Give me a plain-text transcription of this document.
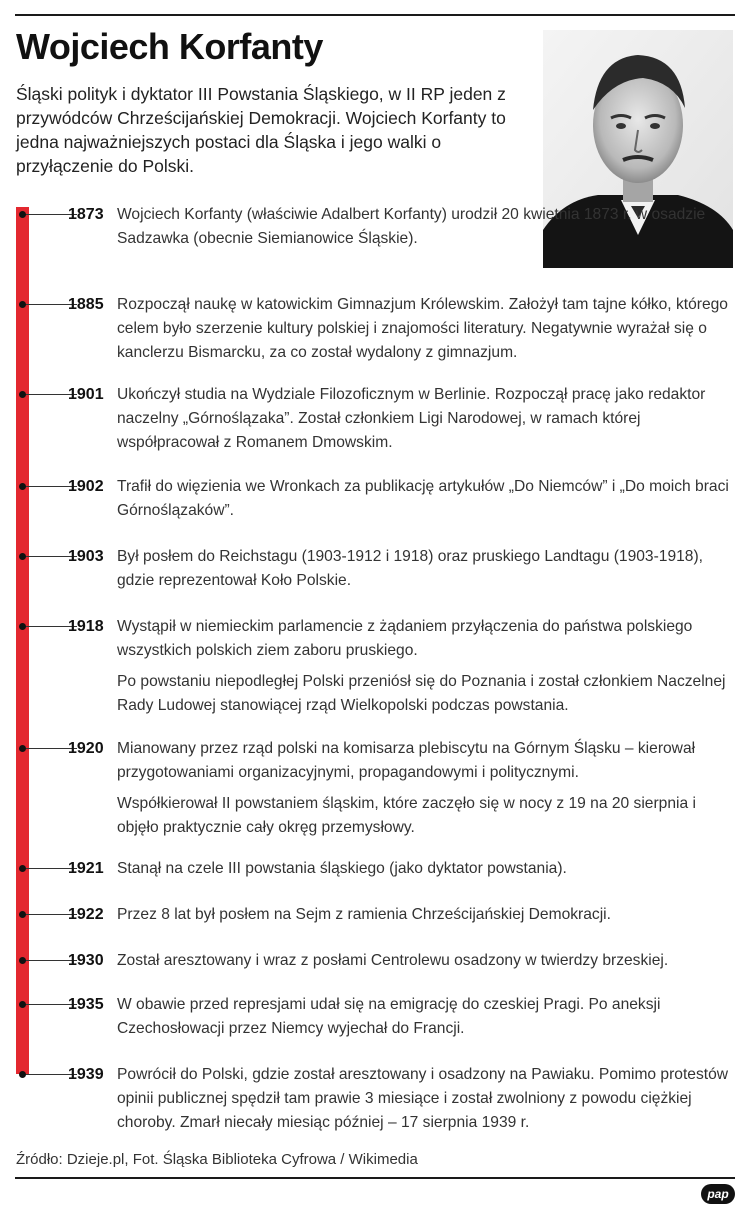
Wojciech Korfanty

Śląski polityk i dyktator III Powstania Śląskiego, w II RP jeden z przywódców Chrześcijańskiej Demokracji. Wojciech Korfanty to jedna najważniejszych postaci dla Śląska i jego walki o przyłączenie do Polski.

1873 Wojciech Korfanty (właściwie Adalbert Korfanty) urodził 20 kwietnia 1873 r. w osadzie Sadzawka (obecnie Siemianowice Śląskie).

1885 Rozpoczął naukę w katowickim Gimnazjum Królewskim. Założył tam tajne kółko, którego celem było szerzenie kultury polskiej i znajomości literatury. Negatywnie wyrażał się o kanclerzu Bismarcku, za co został wydalony z gimnazjum.

1901 Ukończył studia na Wydziale Filozoficznym w Berlinie. Rozpoczął pracę jako redaktor naczelny „Górnoślązaka”. Został członkiem Ligi Narodowej, w ramach której współpracował z Romanem Dmowskim.

1902 Trafił do więzienia we Wronkach za publikację artykułów „Do Niemców” i „Do moich braci Górnoślązaków”.

1903 Był posłem do Reichstagu (1903-1912 i 1918) oraz pruskiego Landtagu (1903-1918), gdzie reprezentował Koło Polskie.

1918 Wystąpił w niemieckim parlamencie z żądaniem przyłączenia do państwa polskiego wszystkich polskich ziem zaboru pruskiego.

Po powstaniu niepodległej Polski przeniósł się do Poznania i został członkiem Naczelnej Rady Ludowej stanowiącej rząd Wielkopolski podczas powstania.

1920 Mianowany przez rząd polski na komisarza plebiscytu na Górnym Śląsku – kierował przygotowaniami organizacyjnymi, propagandowymi i politycznymi.

Współkierował II powstaniem śląskim, które zaczęło się w nocy z 19 na 20 sierpnia i objęło praktycznie cały okręg przemysłowy.

1921 Stanął na czele III powstania śląskiego (jako dyktator powstania).

1922 Przez 8 lat był posłem na Sejm z ramienia Chrześcijańskiej Demokracji.

1930 Został aresztowany i wraz z posłami Centrolewu osadzony w twierdzy brzeskiej.

1935 W obawie przed represjami udał się na emigrację do czeskiej Pragi. Po aneksji Czechosłowacji przez Niemcy wyjechał do Francji.

1939 Powrócił do Polski, gdzie został aresztowany i osadzony na Pawiaku. Pomimo protestów opinii publicznej spędził tam prawie 3 miesiące i został zwolniony z powodu ciężkiej choroby. Zmarł niecały miesiąc później – 17 sierpnia 1939 r.

Źródło: Dzieje.pl, Fot. Śląska Biblioteka Cyfrowa / Wikimedia
pap
